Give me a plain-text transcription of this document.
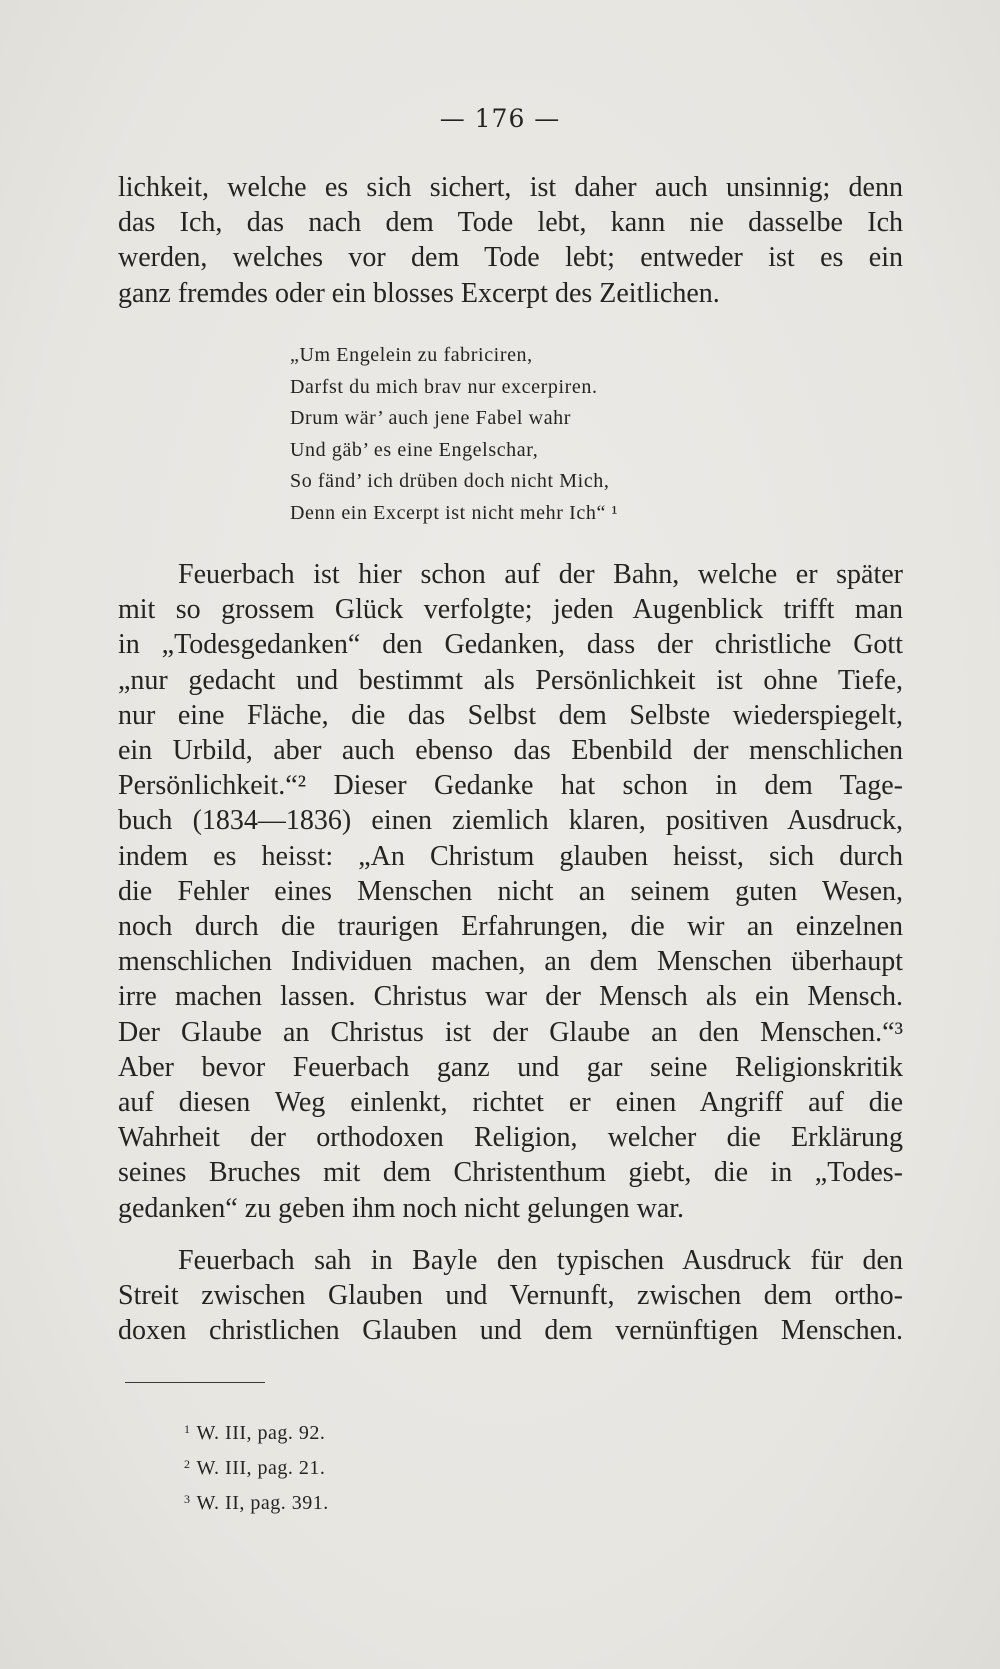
— 176 —
lichkeit, welche es sich sichert, ist daher auch unsinnig; denn
das Ich, das nach dem Tode lebt, kann nie dasselbe Ich
werden, welches vor dem Tode lebt; entweder ist es ein
ganz fremdes oder ein blosses Excerpt des Zeitlichen.
„Um Engelein zu fabriciren,
Darfst du mich brav nur excerpiren.
Drum wär’ auch jene Fabel wahr
Und gäb’ es eine Engelschar,
So fänd’ ich drüben doch nicht Mich,
Denn ein Excerpt ist nicht mehr Ich“ ¹
Feuerbach ist hier schon auf der Bahn, welche er später
mit so grossem Glück verfolgte; jeden Augenblick trifft man
in „Todesgedanken“ den Gedanken, dass der christliche Gott
„nur gedacht und bestimmt als Persönlichkeit ist ohne Tiefe,
nur eine Fläche, die das Selbst dem Selbste wiederspiegelt,
ein Urbild, aber auch ebenso das Ebenbild der menschlichen
Persönlichkeit.“² Dieser Gedanke hat schon in dem Tage-
buch (1834—1836) einen ziemlich klaren, positiven Ausdruck,
indem es heisst: „An Christum glauben heisst, sich durch
die Fehler eines Menschen nicht an seinem guten Wesen,
noch durch die traurigen Erfahrungen, die wir an einzelnen
menschlichen Individuen machen, an dem Menschen überhaupt
irre machen lassen. Christus war der Mensch als ein Mensch.
Der Glaube an Christus ist der Glaube an den Menschen.“³
Aber bevor Feuerbach ganz und gar seine Religionskritik
auf diesen Weg einlenkt, richtet er einen Angriff auf die
Wahrheit der orthodoxen Religion, welcher die Erklärung
seines Bruches mit dem Christenthum giebt, die in „Todes-
gedanken“ zu geben ihm noch nicht gelungen war.
Feuerbach sah in Bayle den typischen Ausdruck für den
Streit zwischen Glauben und Vernunft, zwischen dem ortho-
doxen christlichen Glauben und dem vernünftigen Menschen.
$^1$ W. III, pag. 92.
$^2$ W. III, pag. 21.
$^3$ W. II, pag. 391.
